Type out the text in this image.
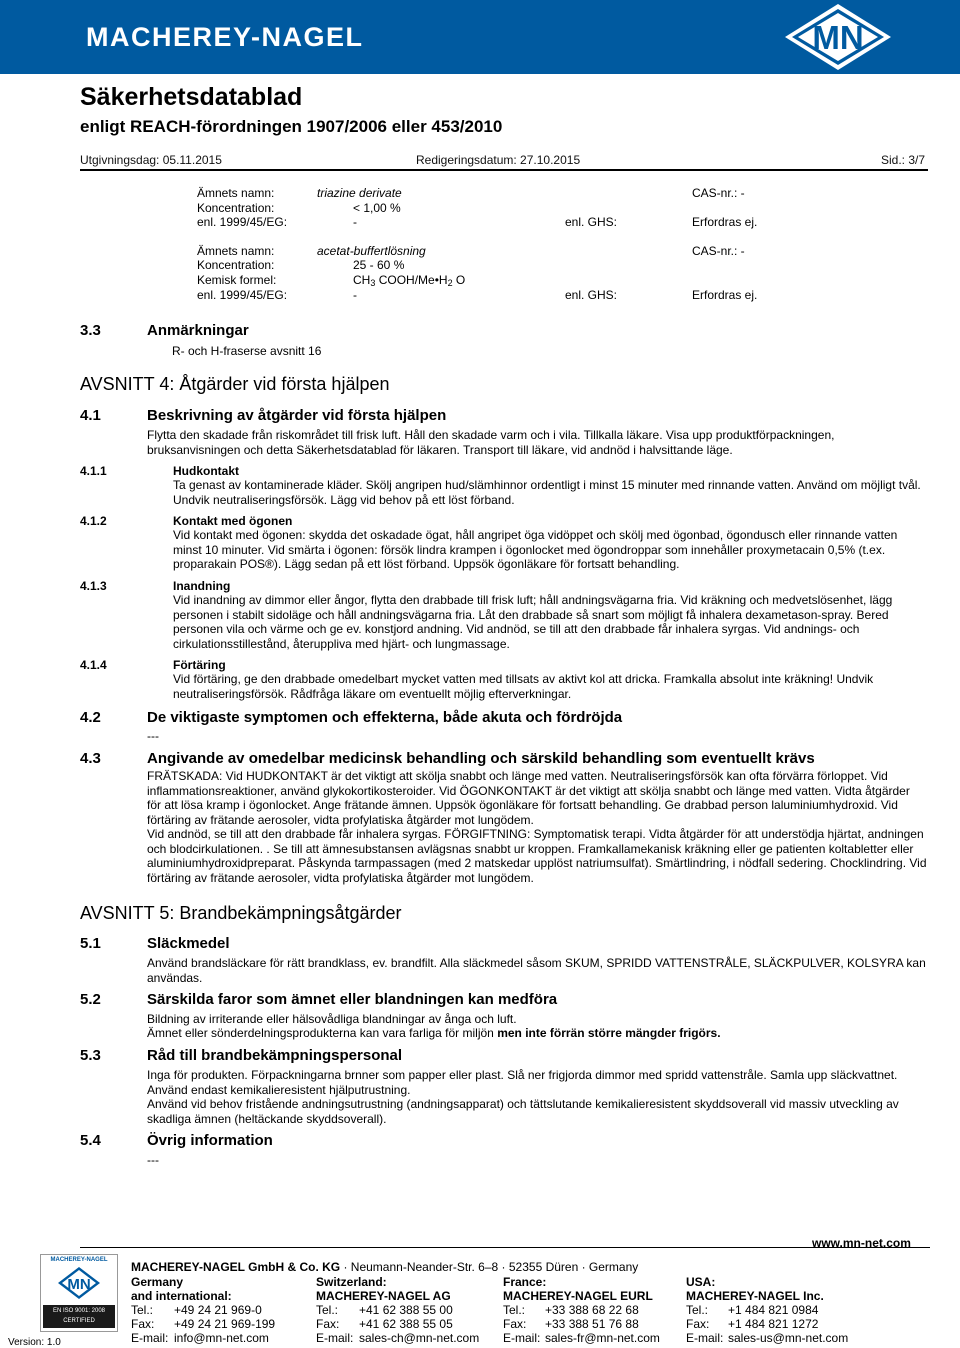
MACHEREY-NAGEL	MN
Säkerhetsdatablad
enligt REACH-förordningen 1907/2006 eller 453/2010
Utgivningsdag: 05.11.2015	Redigeringsdatum: 27.10.2015	Sid.: 3/7
Ämnets namn:	triazine derivate	CAS-nr.: -
Koncentration:	< 1,00 %
enl. 1999/45/EG:	-	enl. GHS:	Erfordras ej.
Ämnets namn:	acetat-buffertlösning	CAS-nr.: -
Koncentration:	25 - 60 %
Kemisk formel:	$CH_3$ COOH/$Me•H_2$ O
enl. 1999/45/EG:	-	enl. GHS:	Erfordras ej.
3.3	Anmärkningar
R- och H-fraserse avsnitt 16
AVSNITT 4: Åtgärder vid första hjälpen
4.1	Beskrivning av åtgärder vid första hjälpen
Flytta den skadade från riskområdet till frisk luft. Håll den skadade varm och i vila. Tillkalla läkare. Visa upp produktförpackningen, bruksanvisningen och detta Säkerhetsdatablad för läkaren. Transport till läkare, vid andnöd i halvsittande läge.
4.1.1	Hudkontakt
Ta genast av kontaminerade kläder. Skölj angripen hud/slämhinnor ordentligt i minst 15 minuter med rinnande vatten. Använd om möjligt tvål. Undvik neutraliseringsförsök. Lägg vid behov på ett löst förband.
4.1.2	Kontakt med ögonen
Vid kontakt med ögonen: skydda det oskadade ögat, håll angripet öga vidöppet och skölj med ögonbad, ögondusch eller rinnande vatten minst 10 minuter. Vid smärta i ögonen: försök lindra krampen i ögonlocket med ögondroppar som innehåller proxymetacain 0,5% (t.ex. proparakain POS®). Lägg sedan på ett löst förband. Uppsök ögonläkare för fortsatt behandling.
4.1.3	Inandning
Vid inandning av dimmor eller ångor, flytta den drabbade till frisk luft; håll andningsvägarna fria. Vid kräkning och medvetslösenhet, lägg personen i stabilt sidoläge och håll andningsvägarna fria. Låt den drabbade så snart som möjligt få inhalera dexametason-spray. Bered personen vila och värme och ge ev. konstjord andning. Vid andnöd, se till att den drabbade får inhalera syrgas. Vid andnings- och cirkulationsstillestånd, återuppliva med hjärt- och lungmassage.
4.1.4	Förtäring
Vid förtäring, ge den drabbade omedelbart mycket vatten med tillsats av aktivt kol att dricka. Framkalla absolut inte kräkning! Undvik neutraliseringsförsök. Rådfråga läkare om eventuellt möjlig efterverkningar.
4.2	De viktigaste symptomen och effekterna, både akuta och fördröjda
---
4.3	Angivande av omedelbar medicinsk behandling och särskild behandling som eventuellt krävs
FRÄTSKADA: Vid HUDKONTAKT är det viktigt att skölja snabbt och länge med vatten. Neutraliseringsförsök kan ofta förvärra förloppet. Vid inflammationsreaktioner, använd glykokortikosteroider. Vid ÖGONKONTAKT är det viktigt att skölja snabbt och länge med vatten. Vidta åtgärder för att lösa kramp i ögonlocket. Ange frätande ämnen. Uppsök ögonläkare för fortsatt behandling. Ge drabbad person laluminiumhydroxid. Vid förtäring av frätande aerosoler, vidta profylatiska åtgärder mot lungödem.
Vid andnöd, se till att den drabbade får inhalera syrgas. FÖRGIFTNING: Symptomatisk terapi. Vidta åtgärder för att understödja hjärtat, andningen och blodcirkulationen. . Se till att ämnesubstansen avlägsnas snabbt ur kroppen. Framkallamekanisk kräkning eller ge patienten koltabletter eller aluminiumhydroxidpreparat. Påskynda tarmpassagen (med 2 matskedar upplöst natriumsulfat). Smärtlindring, i nödfall sedering. Chocklindring. Vid förtäring av frätande aerosoler, vidta profylatiska åtgärder mot lungödem.
AVSNITT 5: Brandbekämpningsåtgärder
5.1	Släckmedel
Använd brandsläckare för rätt brandklass, ev. brandfilt. Alla släckmedel såsom SKUM, SPRIDD VATTENSTRÅLE, SLÄCKPULVER, KOLSYRA kan användas.
5.2	Särskilda faror som ämnet eller blandningen kan medföra
Bildning av irriterande eller hälsovådliga blandningar av ånga och luft.
Ämnet eller sönderdelningsprodukterna kan vara farliga för miljön men inte förrän större mängder frigörs.
5.3	Råd till brandbekämpningspersonal
Inga för produkten. Förpackningarna brnner som papper eller plast. Slå ner frigjorda dimmor med spridd vattenstråle. Samla upp släckvattnet. Använd endast kemikalieresistent hjälputrustning.
Använd vid behov fristående andningsutrustning (andningsapparat) och tättslutande kemikalieresistent skyddsoverall vid massiv utveckling av skadliga ämnen (heltäckande skyddsoverall).
5.4	Övrig information
---
MACHEREY-NAGEL
MN
EN ISO 9001: 2008
CERTIFIED
Version: 1.0
MACHEREY-NAGEL GmbH & Co. KG · Neumann-Neander-Str. 6–8 · 52355 Düren · Germany
www.mn-net.com
Germany
and international:
Tel.: +49 24 21 969-0
Fax: +49 24 21 969-199
E-mail: info@mn-net.com
Switzerland:
MACHEREY-NAGEL AG
Tel.: +41 62 388 55 00
Fax: +41 62 388 55 05
E-mail: sales-ch@mn-net.com
France:
MACHEREY-NAGEL EURL
Tel.: +33 388 68 22 68
Fax: +33 388 51 76 88
E-mail: sales-fr@mn-net.com
USA:
MACHEREY-NAGEL Inc.
Tel.: +1 484 821 0984
Fax: +1 484 821 1272
E-mail: sales-us@mn-net.com
